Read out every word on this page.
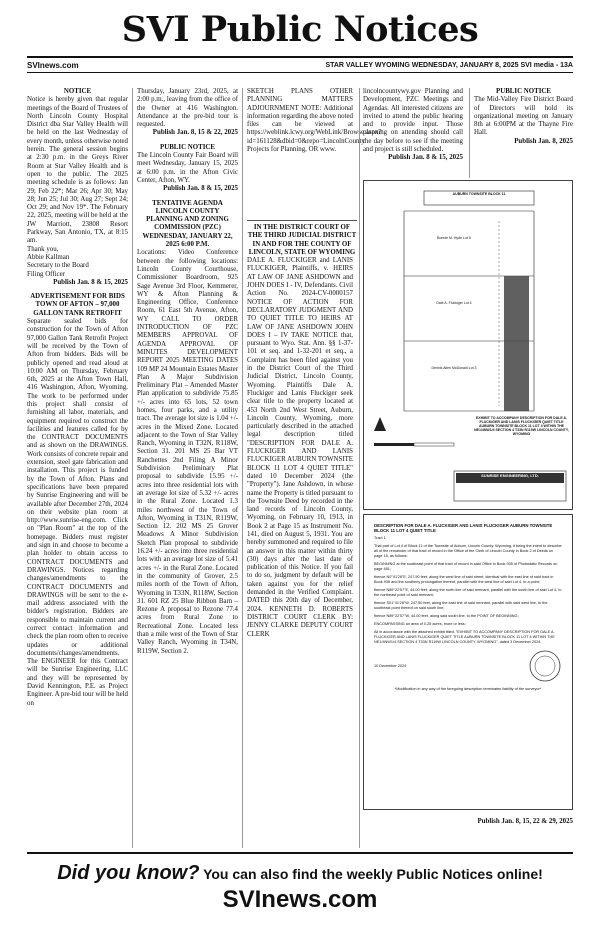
SVI Public Notices
SVInews.com	STAR VALLEY WYOMING WEDNESDAY, JANUARY 8, 2025 SVI media - 13A
NOTICE

Notice is hereby given that regular meetings of the Board of Trustees of North Lincoln County Hospital District dba Star Valley Health will be held on the last Wednesday of every month, unless otherwise noted herein. The general session begins at 2:30 p.m. in the Greys River Room at Star Valley Health and is open to the public. The 2025 meeting schedule is as follows: Jan 29; Feb 22*; Mar 26; Apr 30; May 28; Jun 25; Jul 30; Aug 27; Sept 24; Oct 29; and Nov 19*. The February 22, 2025, meeting will be held at the JW Marriott, 23808 Resort Parkway, San Antonio, TX, at 8:15 am.

Thank you,
Abbie Kallman
Secretary to the Board
Filing Officer
Publish Jan. 8 & 15, 2025
ADVERTISEMENT FOR BIDS TOWN OF AFTON – 97,000 GALLON TANK RETROFIT

Separate sealed bids for construction for the Town of Afton 97,000 Gallon Tank Retrofit Project will be received by the Town of Afton from bidders. Bids will be publicly opened and read aloud at 10:00 AM on Thursday, February 6th, 2025 at the Afton Town Hall, 416 Washington, Afton, Wyoming. The work to be performed under this project shall consist of furnishing all labor, materials, and equipment required to construct the facilities and features called for by the CONTRACT DOCUMENTS and as shown on the DRAWINGS. Work consists of concrete repair and extension, steel gate fabrication and installation. This project is funded by the Town of Afton. Plans and specifications have been prepared by Sunrise Engineering and will be available after December 27th, 2024 on their website plan room at http://www.sunrise-eng.com. Click on "Plan Room" at the top of the homepage. Bidders must register and sign in and choose to become a plan holder to obtain access to CONTRACT DOCUMENTS and DRAWINGS. Notices regarding changes/amendments to the CONTRACT DOCUMENTS and DRAWINGS will be sent to the e-mail address associated with the bidder's registration. Bidders are responsible to maintain current and correct contact information and check the plan room often to receive updates or additional documents/changes/amendments. The ENGINEER for this Contract will be Sunrise Engineering, LLC and they will be represented by David Kennington, P.E. as Project Engineer. A pre-bid tour will be held on

Thursday, January 23rd, 2025, at 2:00 p.m., leaving from the office of the Owner at 416 Washington. Attendance at the pre-bid tour is requested.

Publish Jan. 8, 15 & 22, 2025
PUBLIC NOTICE

The Lincoln County Fair Board will meet Wednesday, January 15, 2025 at 6:00 p.m. in the Afton Civic Center, Afton, WY.

Publish Jan. 8 & 15, 2025
TENTATIVE AGENDA LINCOLN COUNTY PLANNING AND ZONING COMMISSION (PZC) WEDNESDAY, JANUARY 22, 2025 6:00 P.M.

Locations: Video Conference between the following locations: Lincoln County Courthouse, Commissioner Boardroom, 925 Sage Avenue 3rd Floor, Kemmerer, WY & Afton Planning & Engineering Office, Conference Room, 61 East 5th Avenue, Afton, WY CALL TO ORDER INTRODUCTION OF PZC MEMBERS APPROVAL OF AGENDA APPROVAL OF MINUTES DEVELOPMENT REPORT 2025 MEETING DATES 109 MP 24 Mountain Estates Master Plan A Major Subdivision Preliminary Plat – Amended Master Plan application to subdivide 75.85 +/- acres into 65 lots, 52 town homes, four parks, and a utility tract. The average lot size is 1.04 +/- acres in the Mixed Zone. Located adjacent to the Town of Star Valley Ranch, Wyoming in T32N, R118W, Section 31. 201 MS 25 Bar VT Ranchettes 2nd Filing A Minor Subdivision Preliminary Plat proposal to subdivide 15.95 +/- acres into three residential lots with an average lot size of 5.32 +/- acres in the Rural Zone. Located 1.3 miles northwest of the Town of Afton, Wyoming in T31N, R119W, Section 12. 202 MS 25 Grover Meadows A Minor Subdivision Sketch Plan proposal to subdivide 16.24 +/- acres into three residential lots with an average lot size of 5.41 acres +/- in the Rural Zone. Located in the community of Grover, 2.5 miles north of the Town of Afton, Wyoming in T33N, R118W, Section 31. 601 RZ 25 Blue Ribbon Barn – Rezone A proposal to Rezone 77.4 acres from Rural Zone to Recreational Zone. Located less than a mile west of the Town of Star Valley Ranch, Wyoming in T34N, R119W, Section 2.

SKETCH PLANS OTHER PLANNING MATTERS ADJOURNMENT NOTE: Additional information regarding the above noted files can be viewed at https://weblink.lcwy.org/WebLink/Browse.aspx?id=161128&dbid=0&repo=LincolnCounty Projects for Planning, OR www.

IN THE DISTRICT COURT OF THE THIRD JUDICIAL DISTRICT IN AND FOR THE COUNTY OF LINCOLN, STATE OF WYOMING

DALE A. FLUCKIGER and LANIS FLUCKIGER, Plaintiffs, v. HEIRS AT LAW OF JANE ASHDOWN and JOHN DOES I - IV, Defendants. Civil Action No. 2024-CV-0000157 NOTICE OF ACTION FOR DECLARATORY JUDGMENT AND TO QUIET TITLE TO HEIRS AT LAW OF JANE ASHDOWN JOHN DOES I – IV TAKE NOTICE that, pursuant to Wyo. Stat. Ann. §§ 1-37-101 et seq. and 1-32-201 et seq., a Complaint has been filed against you in the District Court of the Third Judicial District, Lincoln County, Wyoming. Plaintiffs Dale A. Fluckiger and Lanis Fluckiger seek clear title to the property located at 453 North 2nd West Street, Auburn, Lincoln County, Wyoming, more particularly described in the attached legal description titled "DESCRIPTION FOR DALE A. FLUCKIGER AND LANIS FLUCKIGER AUBURN TOWNSITE BLOCK 11 LOT 4 QUIET TITLE" dated 10 December 2024 (the "Property"). Jane Ashdown, in whose name the Property is titled pursuant to the Townsite Deed by recorded in the land records of Lincoln County, Wyoming, on February 10, 1913, in Book 2 at Page 15 as Instrument No. 141, died on August 5, 1931. You are hereby summoned and required to file an answer in this matter within thirty (30) days after the last date of publication of this Notice. If you fail to do so, judgment by default will be taken against you for the relief demanded in the Verified Complaint. DATED this 20th day of December, 2024. KENNETH D. ROBERTS DISTRICT COURT CLERK BY: JENNY CLARKE DEPUTY COURT CLERK

lincolncountywy.gov Planning and Development, PZC Meetings and Agendas. All interested citizens are invited to attend the public hearing and to provide input. Those planning on attending should call the day before to see if the meeting and project is still scheduled.

Publish Jan. 8 & 15, 2025
PUBLIC NOTICE

The Mid-Valley Fire District Board of Directors will hold its organizational meeting on January 8th at 6:00PM at the Thayne Fire Hall.

Publish Jan. 8, 2025
AUBURN TOWNSITE BLOCK 11
Bonnie M. Hyde Lot 5
Dale A. Fluckiger Lot 4
Dennis Allen McDonald Lot 3
EXHIBIT TO ACCOMPANY DESCRIPTION FOR DALE A. FLUCKIGER AND LANIS FLUCKIGER QUIET TITLE AUBURN TOWNSITE BLOCK 11 LOT 4 WITHIN THE NE1/4NW1/4 SECTION 4 T33N R119W LINCOLN COUNTY, WYOMING
SUNRISE ENGINEERING, LTD.

DESCRIPTION FOR DALE A. FLUCKIGER AND LANIS FLUCKIGER AUBURN TOWNSITE BLOCK 11 LOT 4 QUIET TITLE

Tract 1

That part of Lot 4 of Block 11 of the Townsite of Auburn, Lincoln County, Wyoming, it being the intent to describe all of the remainder of that tract of record in the Office of the Clerk of Lincoln County in Book 2 of Deeds on page 15, as follows:

BEGINNING at the southeast point of that tract of record in said Office in Book 935 of Photostatic Records on page 481;

thence N0°41'28"E, 247.50 feet, along the west line of said street, identical with the east line of said tract in Book 935 and the southerly prolongation thereof, parallel with the west line of said Lot 4, to a point;

thence N89°22'57"E, 44.00 feet, along the north line of said remnant, parallel with the south line of said Lot 4, to the northeast point of said remnant;

thence S01°41'28"W, 247.50 feet, along the east line of said remnant, parallel with said west line, to the southeast point thereof on said south line;

thence N89°22'57"W, 44.00 feet, along said south line, to the POINT OF BEGINNING;

ENCOMPASSING an area of 0.25 acres, more or less;

All in accordance with the attached exhibit titled, "EXHIBIT TO ACCOMPANY DESCRIPTION FOR DALE A. FLUCKIGER AND LANIS FLUCKIGER QUIET TITLE AUBURN TOWNSITE BLOCK 11 LOT 4 WITHIN THE NE1/4NW1/4 SECTION 4 T33N R119W LINCOLN COUNTY, WYOMING", dated 3 December 2024.

10 December 2024

*Modification in any way of the foregoing description terminates liability of the surveyor*

Publish Jan. 8, 15, 22 & 29, 2025
Did you know? You can also find the weekly Public Notices online!
SVInews.com
